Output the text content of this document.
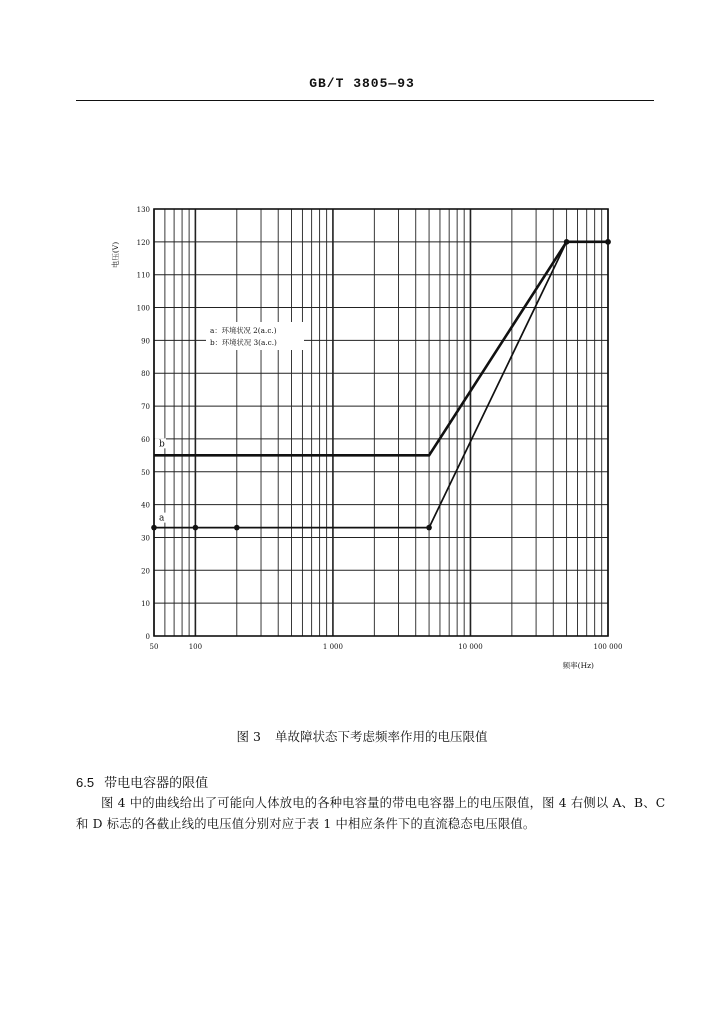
GB/T 3805—93
0
10
20
30
40
50
60
70
80
90
100
110
120
130
50	100	1 000	10 000	100 000
电压(V)
频率(Hz)
a：环境状况 2(a.c.)
b：环境状况 3(a.c.)
a
b
图 3 单故障状态下考虑频率作用的电压限值
6.5 带电电容器的限值
图 4 中的曲线给出了可能向人体放电的各种电容量的带电电容器上的电压限值，图 4 右侧以 A、B、C 和 D 标志的各截止线的电压值分别对应于表 1 中相应条件下的直流稳态电压限值。
